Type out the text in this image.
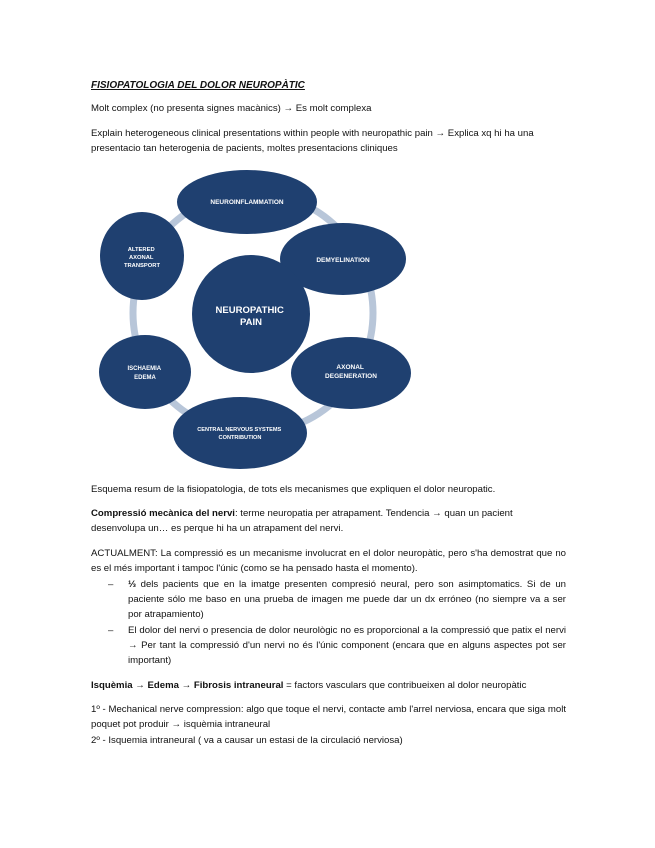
FISIOPATOLOGIA DEL DOLOR NEUROPÀTIC

Molt complex (no presenta signes macànics) → Es molt complexa

Explain heterogeneous clinical presentations within people with neuropathic pain → Explica xq hi ha una presentacio tan heterogenia de pacients, moltes presentacions cliniques

NEUROINFLAMMATION
DEMYELINATION
AXONAL DEGENERATION
CENTRAL NERVOUS SYSTEMS CONTRIBUTION
ISCHAEMIA EDEMA
ALTERED AXONAL TRANSPORT
NEUROPATHIC PAIN

Esquema resum de la fisiopatologia, de tots els mecanismes que expliquen el dolor neuropatic.

Compressió mecànica del nervi: terme neuropatia per atrapament. Tendencia → quan un pacient desenvolupa un… es perque hi ha un atrapament del nervi.

ACTUALMENT: La compressió es un mecanisme involucrat en el dolor neuropàtic, pero s'ha demostrat que no es el més important i tampoc l'únic (como se ha pensado hasta el momento).

– ⅓ dels pacients que en la imatge presenten compresió neural, pero son asimptomatics. Si de un paciente sólo me baso en una prueba de imagen me puede dar un dx erróneo (no siempre va a ser por atrapamiento)
– El dolor del nervi o presencia de dolor neurològic no es proporcional a la compressió que patix el nervi → Per tant la compressió d'un nervi no és l'únic component (encara que en alguns aspectes pot ser important)

Isquèmia → Edema → Fibrosis intraneural = factors vasculars que contribueixen al dolor neuropàtic

1º - Mechanical nerve compression: algo que toque el nervi, contacte amb l'arrel nerviosa, encara que siga molt poquet pot produir → isquèmia intraneural

2º - Isquemia intraneural ( va a causar un estasi de la circulació nerviosa)
